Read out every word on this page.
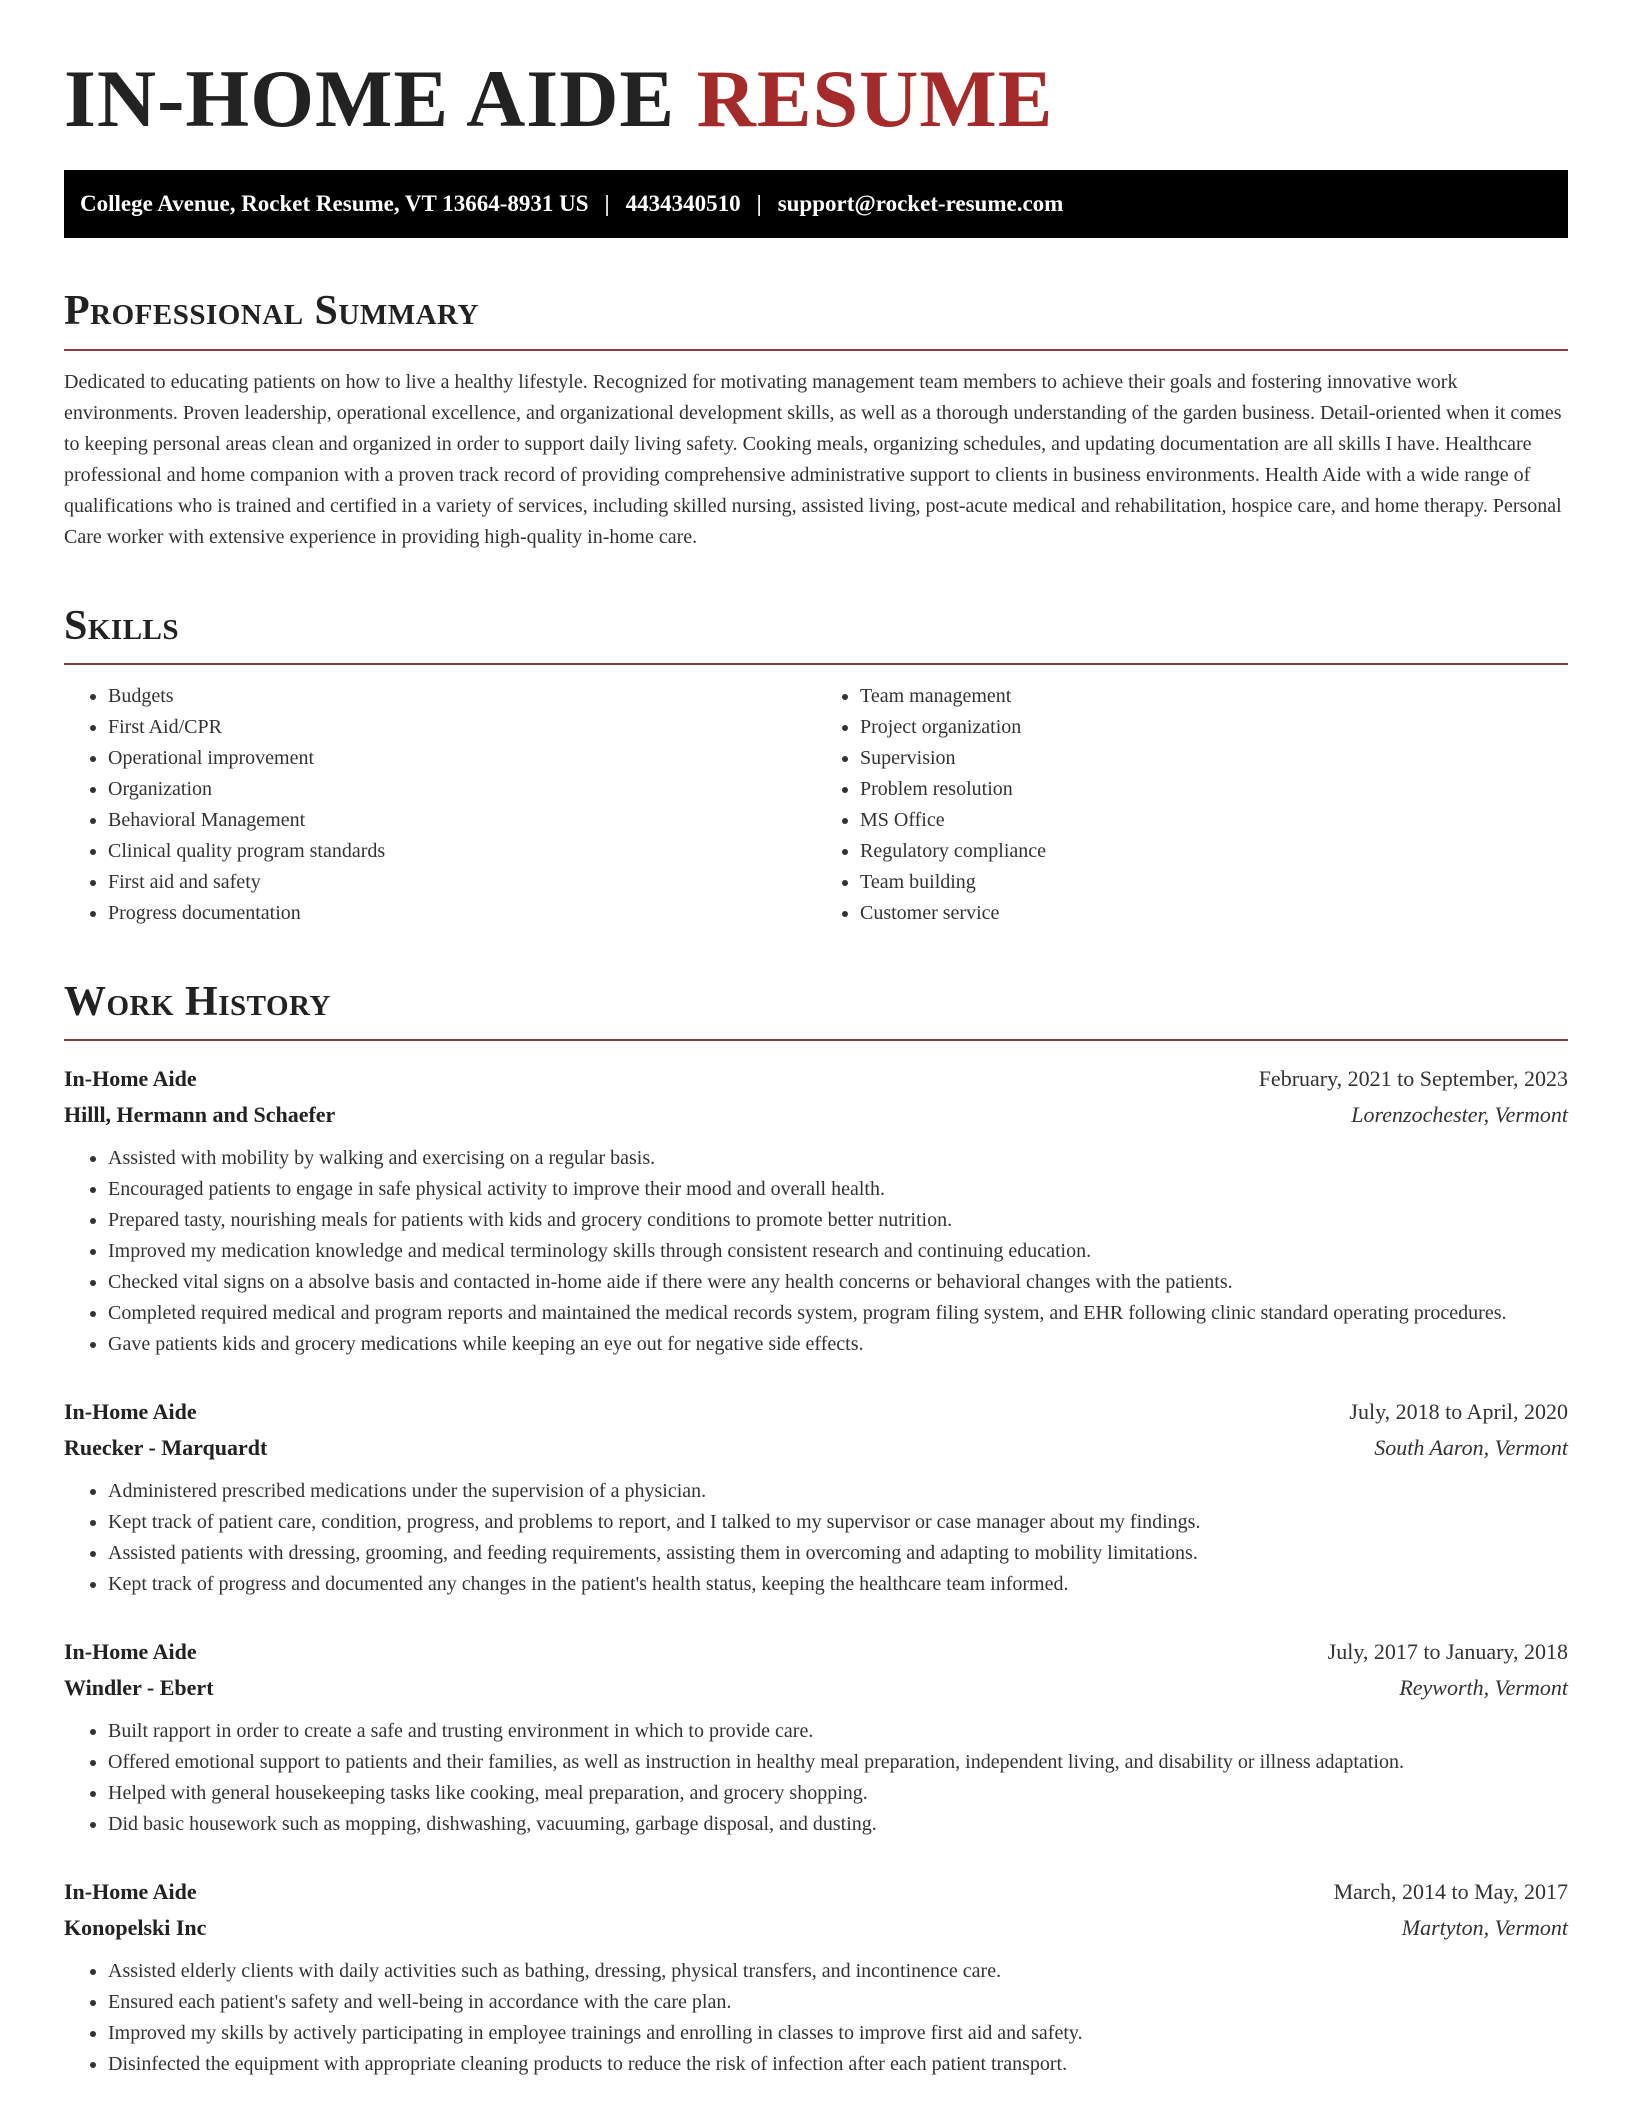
IN-HOME AIDE RESUME
College Avenue, Rocket Resume, VT 13664-8931 US | 4434340510 | support@rocket-resume.com
Professional Summary

Dedicated to educating patients on how to live a healthy lifestyle. Recognized for motivating management team members to achieve their goals and fostering innovative work environments. Proven leadership, operational excellence, and organizational development skills, as well as a thorough understanding of the garden business. Detail-oriented when it comes to keeping personal areas clean and organized in order to support daily living safety. Cooking meals, organizing schedules, and updating documentation are all skills I have. Healthcare professional and home companion with a proven track record of providing comprehensive administrative support to clients in business environments. Health Aide with a wide range of qualifications who is trained and certified in a variety of services, including skilled nursing, assisted living, post-acute medical and rehabilitation, hospice care, and home therapy. Personal Care worker with extensive experience in providing high-quality in-home care.

Skills
• Budgets
• First Aid/CPR
• Operational improvement
• Organization
• Behavioral Management
• Clinical quality program standards
• First aid and safety
• Progress documentation
• Team management
• Project organization
• Supervision
• Problem resolution
• MS Office
• Regulatory compliance
• Team building
• Customer service
Work History
In-Home Aide	February, 2021 to September, 2023
Hilll, Hermann and Schaefer	Lorenzochester, Vermont
• Assisted with mobility by walking and exercising on a regular basis.
• Encouraged patients to engage in safe physical activity to improve their mood and overall health.
• Prepared tasty, nourishing meals for patients with kids and grocery conditions to promote better nutrition.
• Improved my medication knowledge and medical terminology skills through consistent research and continuing education.
• Checked vital signs on a absolve basis and contacted in-home aide if there were any health concerns or behavioral changes with the patients.
• Completed required medical and program reports and maintained the medical records system, program filing system, and EHR following clinic standard operating procedures.
• Gave patients kids and grocery medications while keeping an eye out for negative side effects.
In-Home Aide	July, 2018 to April, 2020
Ruecker - Marquardt	South Aaron, Vermont
• Administered prescribed medications under the supervision of a physician.
• Kept track of patient care, condition, progress, and problems to report, and I talked to my supervisor or case manager about my findings.
• Assisted patients with dressing, grooming, and feeding requirements, assisting them in overcoming and adapting to mobility limitations.
• Kept track of progress and documented any changes in the patient's health status, keeping the healthcare team informed.
In-Home Aide	July, 2017 to January, 2018
Windler - Ebert	Reyworth, Vermont
• Built rapport in order to create a safe and trusting environment in which to provide care.
• Offered emotional support to patients and their families, as well as instruction in healthy meal preparation, independent living, and disability or illness adaptation.
• Helped with general housekeeping tasks like cooking, meal preparation, and grocery shopping.
• Did basic housework such as mopping, dishwashing, vacuuming, garbage disposal, and dusting.
In-Home Aide	March, 2014 to May, 2017
Konopelski Inc	Martyton, Vermont
• Assisted elderly clients with daily activities such as bathing, dressing, physical transfers, and incontinence care.
• Ensured each patient's safety and well-being in accordance with the care plan.
• Improved my skills by actively participating in employee trainings and enrolling in classes to improve first aid and safety.
• Disinfected the equipment with appropriate cleaning products to reduce the risk of infection after each patient transport.
